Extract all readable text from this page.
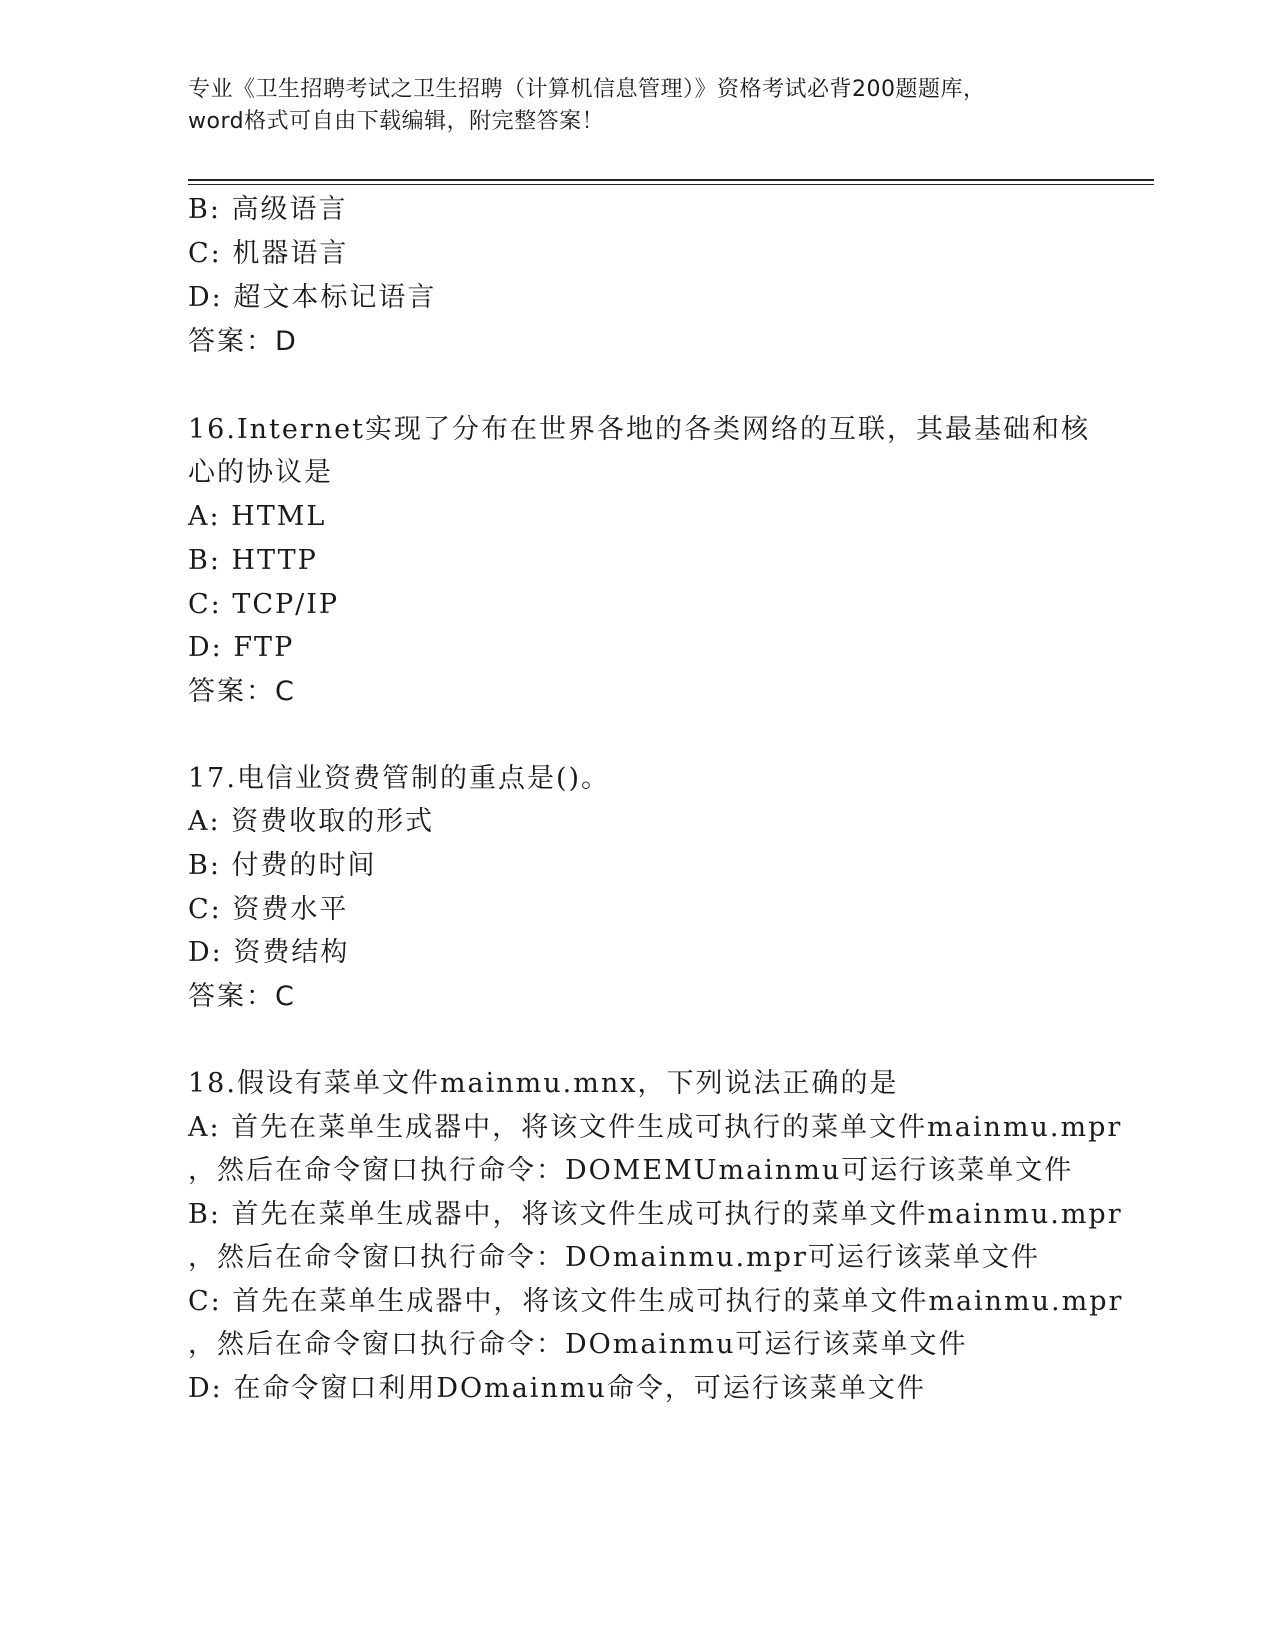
专业《卫生招聘考试之卫生招聘（计算机信息管理）》资格考试必背200题题库，
word格式可自由下载编辑，附完整答案！
B: 高级语言
C: 机器语言
D: 超文本标记语言
答案：D
16.Internet实现了分布在世界各地的各类网络的互联，其最基础和核
心的协议是
A: HTML
B: HTTP
C: TCP/IP
D: FTP
答案：C
17.电信业资费管制的重点是()。
A: 资费收取的形式
B: 付费的时间
C: 资费水平
D: 资费结构
答案：C
18.假设有菜单文件mainmu.mnx，下列说法正确的是
A: 首先在菜单生成器中，将该文件生成可执行的菜单文件mainmu.mpr
，然后在命令窗口执行命令：DOMEMUmainmu可运行该菜单文件
B: 首先在菜单生成器中，将该文件生成可执行的菜单文件mainmu.mpr
，然后在命令窗口执行命令：DOmainmu.mpr可运行该菜单文件
C: 首先在菜单生成器中，将该文件生成可执行的菜单文件mainmu.mpr
，然后在命令窗口执行命令：DOmainmu可运行该菜单文件
D: 在命令窗口利用DOmainmu命令，可运行该菜单文件
